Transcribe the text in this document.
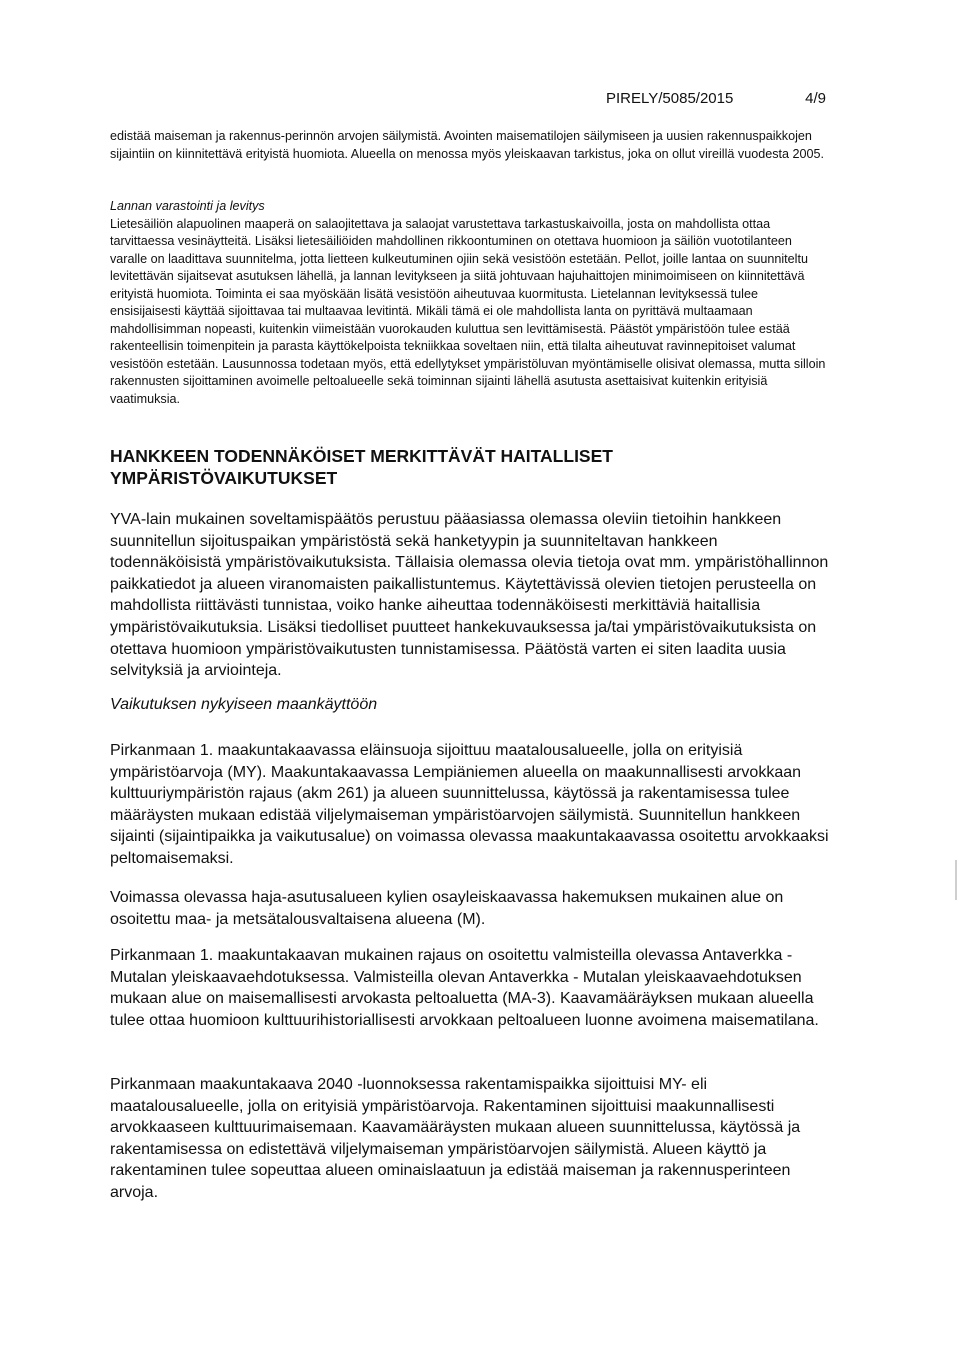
PIRELY/5085/2015	4/9

edistää maiseman ja rakennus-perinnön arvojen säilymistä. Avointen maisematilojen säilymiseen ja uusien rakennuspaikkojen sijaintiin on kiinnitettävä erityistä huomiota. Alueella on menossa myös yleiskaavan tarkistus, joka on ollut vireillä vuodesta 2005.

Lannan varastointi ja levitys

Lietesäiliön alapuolinen maaperä on salaojitettava ja salaojat varustettava tarkastuskaivoilla, josta on mahdollista ottaa tarvittaessa vesinäytteitä. Lisäksi lietesäiliöiden mahdollinen rikkoontuminen on otettava huomioon ja säiliön vuototilanteen varalle on laadittava suunnitelma, jotta lietteen kulkeutuminen ojiin sekä vesistöön estetään. Pellot, joille lantaa on suunniteltu levitettävän sijaitsevat asutuksen lähellä, ja lannan levitykseen ja siitä johtuvaan hajuhaittojen minimoimiseen on kiinnitettävä erityistä huomiota. Toiminta ei saa myöskään lisätä vesistöön aiheutuvaa kuormitusta. Lietelannan levityksessä tulee ensisijaisesti käyttää sijoittavaa tai multaavaa levitintä. Mikäli tämä ei ole mahdollista lanta on pyrittävä multaamaan mahdollisimman nopeasti, kuitenkin viimeistään vuorokauden kuluttua sen levittämisestä. Päästöt ympäristöön tulee estää rakenteellisin toimenpitein ja parasta käyttökelpoista tekniikkaa soveltaen niin, että tilalta aiheutuvat ravinnepitoiset valumat vesistöön estetään. Lausunnossa todetaan myös, että edellytykset ympäristöluvan myöntämiselle olisivat olemassa, mutta silloin rakennusten sijoittaminen avoimelle peltoalueelle sekä toiminnan sijainti lähellä asutusta asettaisivat kuitenkin erityisiä vaatimuksia.

HANKKEEN TODENNÄKÖISET MERKITTÄVÄT HAITALLISET YMPÄRISTÖVAIKUTUKSET

YVA-lain mukainen soveltamispäätös perustuu pääasiassa olemassa oleviin tietoihin hankkeen suunnitellun sijoituspaikan ympäristöstä sekä hanketyypin ja suunniteltavan hankkeen todennäköisistä ympäristövaikutuksista. Tällaisia olemassa olevia tietoja ovat mm. ympäristöhallinnon paikkatiedot ja alueen viranomaisten paikallistuntemus. Käytettävissä olevien tietojen perusteella on mahdollista riittävästi tunnistaa, voiko hanke aiheuttaa todennäköisesti merkittäviä haitallisia ympäristövaikutuksia. Lisäksi tiedolliset puutteet hankekuvauksessa ja/tai ympäristövaikutuksista on otettava huomioon ympäristövaikutusten tunnistamisessa. Päätöstä varten ei siten laadita uusia selvityksiä ja arviointeja.

Vaikutuksen nykyiseen maankäyttöön

Pirkanmaan 1. maakuntakaavassa eläinsuoja sijoittuu maatalousalueelle, jolla on erityisiä ympäristöarvoja (MY). Maakuntakaavassa Lempiäniemen alueella on maakunnallisesti arvokkaan kulttuuriympäristön rajaus (akm 261) ja alueen suunnittelussa, käytössä ja rakentamisessa tulee määräysten mukaan edistää viljelymaiseman ympäristöarvojen säilymistä. Suunnitellun hankkeen sijainti (sijaintipaikka ja vaikutusalue) on voimassa olevassa maakuntakaavassa osoitettu arvokkaaksi peltomaisemaksi.

Voimassa olevassa haja-asutusalueen kylien osayleiskaavassa hakemuksen mukainen alue on osoitettu maa- ja metsätalousvaltaisena alueena (M).

Pirkanmaan 1. maakuntakaavan mukainen rajaus on osoitettu valmisteilla olevassa Antaverkka - Mutalan yleiskaavaehdotuksessa. Valmisteilla olevan Antaverkka - Mutalan yleiskaavaehdotuksen mukaan alue on maisemallisesti arvokasta peltoaluetta (MA-3). Kaavamääräyksen mukaan alueella tulee ottaa huomioon kulttuurihistoriallisesti arvokkaan peltoalueen luonne avoimena maisematilana.

Pirkanmaan maakuntakaava 2040 -luonnoksessa rakentamispaikka sijoittuisi MY- eli maatalousalueelle, jolla on erityisiä ympäristöarvoja. Rakentaminen sijoittuisi maakunnallisesti arvokkaaseen kulttuurimaisemaan. Kaavamääräysten mukaan alueen suunnittelussa, käytössä ja rakentamisessa on edistettävä viljelymaiseman ympäristöarvojen säilymistä. Alueen käyttö ja rakentaminen tulee sopeuttaa alueen ominaislaatuun ja edistää maiseman ja rakennusperinteen arvoja.
